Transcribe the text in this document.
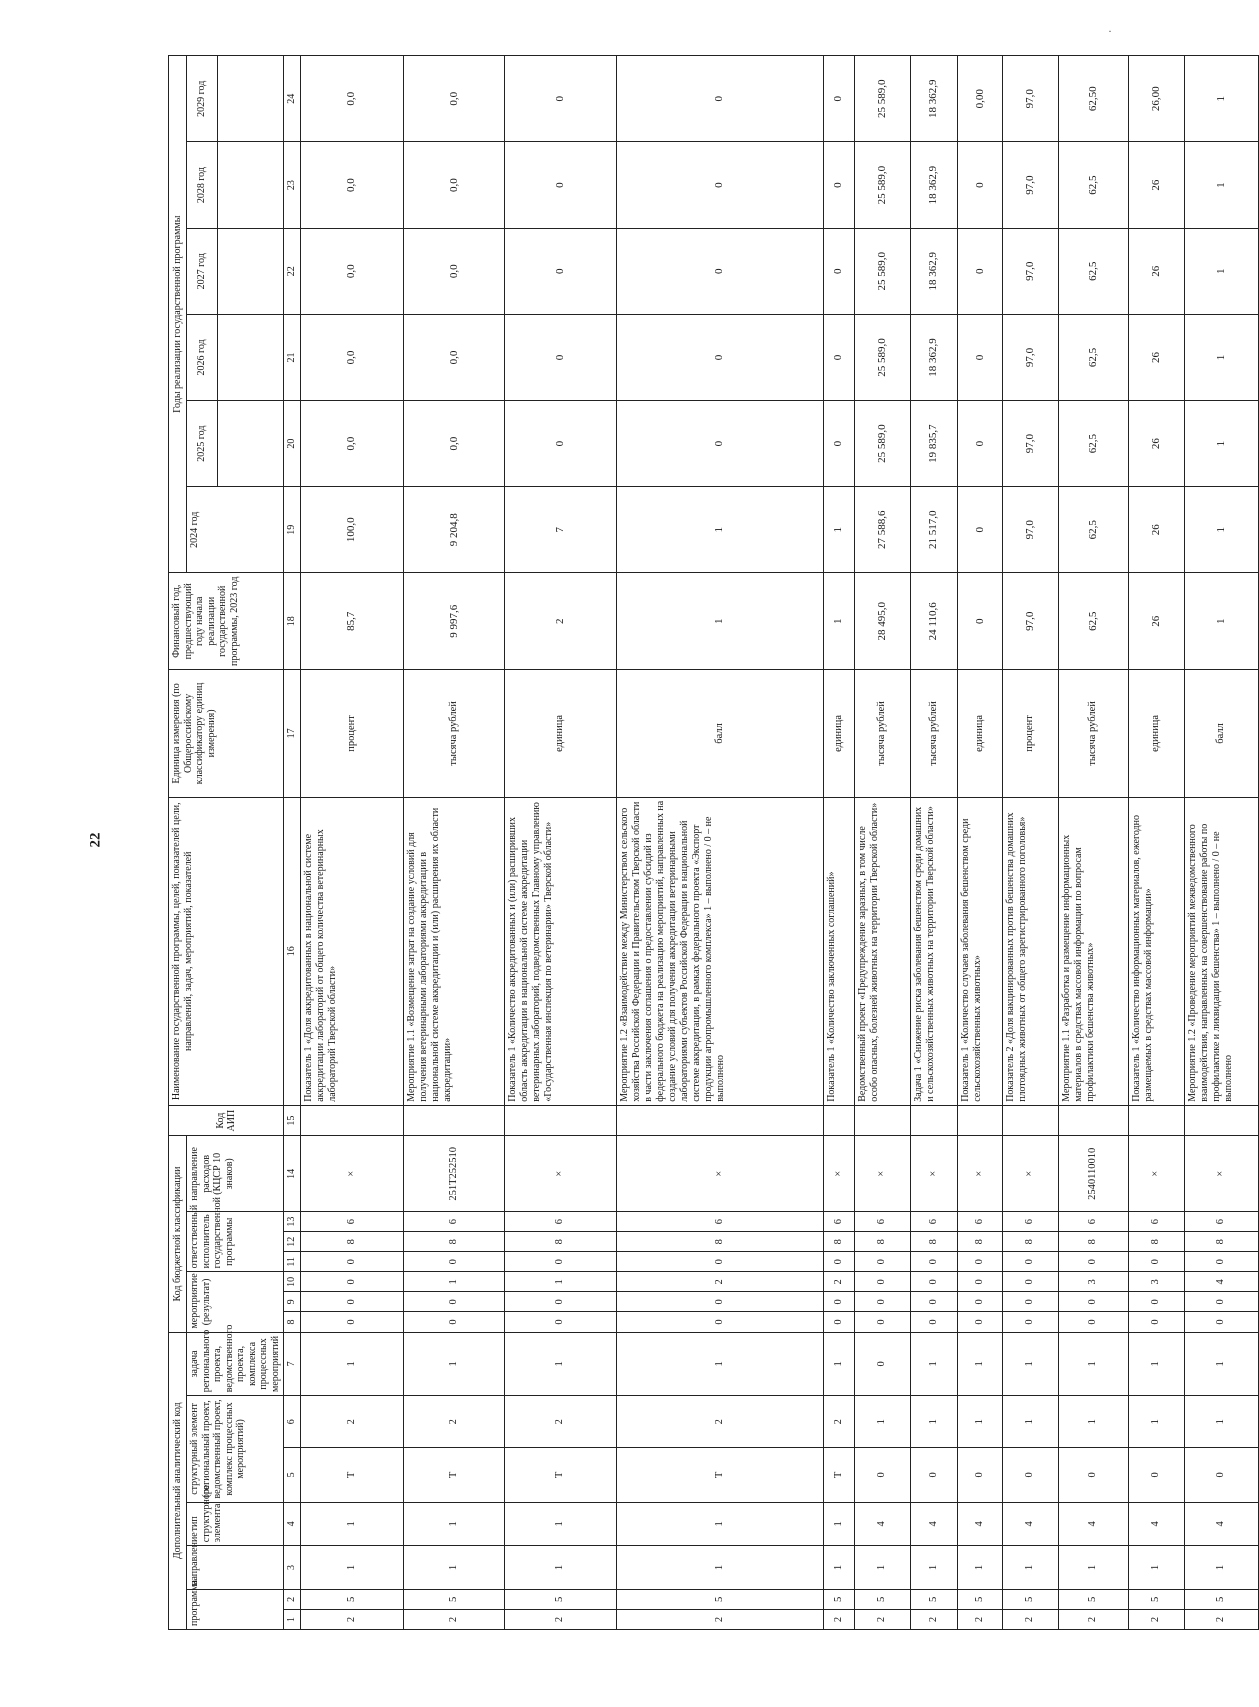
22
·
Дополнительный аналитический код							Код бюджетной классификации							Код АИП	Наименование государственной программы, целей, показателей цели, направлений, задач, мероприятий, показателей	Единица измерения (по Общероссийскому классификатору единиц измерения)	Финансовый год, предшествующий году начала реализации государственной программы, 2023 год	Годы реализации государственной программы					
программа		направление	тип структурного элемента	структурный элемент (региональный проект, ведомственный проект, комплекс процессных мероприятий)		задача регионального проекта, ведомственного проекта, комплекса процессных мероприятий	мероприятие (результат)			ответственный исполнитель государственной программы			направление расходов (КЦСР 10 знаков)					2024 год	2025 год	2026 год	2027 год	2028 год	2029 год

1	2	3	4	5	6	7	8	9	10	11	12	13	14	15	16	17	18	19	20	21	22	23	24
2	5	1	1	Т	2	1	0	0	0	0	8	6	×		Показатель 1 «Доля аккредитованных в национальной системе аккредитации лабораторий от общего количества ветеринарных лабораторий Тверской области»	процент	85,7	100,0	0,0	0,0	0,0	0,0	0,0
2	5	1	1	Т	2	1	0	0	1	0	8	6	251Т252510		Мероприятие 1.1 «Возмещение затрат на создание условий для получения ветеринарными лабораториями аккредитации в национальной системе аккредитации и (или) расширения их области аккредитации»	тысяча рублей	9 997,6	9 204,8	0,0	0,0	0,0	0,0	0,0
2	5	1	1	Т	2	1	0	0	1	0	8	6	×		Показатель 1 «Количество аккредитованных и (или) расширивших область аккредитации в национальной системе аккредитации ветеринарных лабораторий, подведомственных Главному управлению «Государственная инспекция по ветеринарии» Тверской области»	единица	2	7	0	0	0	0	0
2	5	1	1	Т	2	1	0	0	2	0	8	6	×		Мероприятие 1.2 «Взаимодействие между Министерством сельского хозяйства Российской Федерации и Правительством Тверской области в части заключения соглашения о предоставлении субсидий из федерального бюджета на реализацию мероприятий, направленных на создание условий для получения аккредитации ветеринарными лабораториями субъектов Российской Федерации в национальной системе аккредитации, в рамках федерального проекта «Экспорт продукции агропромышленного комплекса» 1 – выполнено / 0 – не выполнено	балл	1	1	0	0	0	0	0
2	5	1	1	Т	2	1	0	0	2	0	8	6	×		Показатель 1 «Количество заключенных соглашений»	единица	1	1	0	0	0	0	0
2	5	1	4	0	1	0	0	0	0	0	8	6	×		Ведомственный проект «Предупреждение заразных, в том числе особо опасных, болезней животных на территории Тверской области»	тысяча рублей	28 495,0	27 588,6	25 589,0	25 589,0	25 589,0	25 589,0	25 589,0
2	5	1	4	0	1	1	0	0	0	0	8	6	×		Задача 1 «Снижение риска заболевания бешенством среди домашних и сельскохозяйственных животных на территории Тверской области»	тысяча рублей	24 110,6	21 517,0	19 835,7	18 362,9	18 362,9	18 362,9	18 362,9
2	5	1	4	0	1	1	0	0	0	0	8	6	×		Показатель 1 «Количество случаев заболевания бешенством среди сельскохозяйственных животных»	единица	0	0	0	0	0	0	0,00
2	5	1	4	0	1	1	0	0	0	0	8	6	×		Показатель 2 «Доля вакцинированных против бешенства домашних плотоядных животных от общего зарегистрированного поголовья»	процент	97,0	97,0	97,0	97,0	97,0	97,0	97,0
2	5	1	4	0	1	1	0	0	3	0	8	6	2540110010		Мероприятие 1.1 «Разработка и размещение информационных материалов в средствах массовой информации по вопросам профилактики бешенства животных»	тысяча рублей	62,5	62,5	62,5	62,5	62,5	62,5	62,50
2	5	1	4	0	1	1	0	0	3	0	8	6	×		Показатель 1 «Количество информационных материалов, ежегодно размещаемых в средствах массовой информации»	единица	26	26	26	26	26	26	26,00
2	5	1	4	0	1	1	0	0	4	0	8	6	×		Мероприятие 1.2 «Проведение мероприятий межведомственного взаимодействия, направленных на совершенствование работы по профилактике и ликвидации бешенства» 1 – выполнено / 0 – не выполнено	балл	1	1	1	1	1	1	1
